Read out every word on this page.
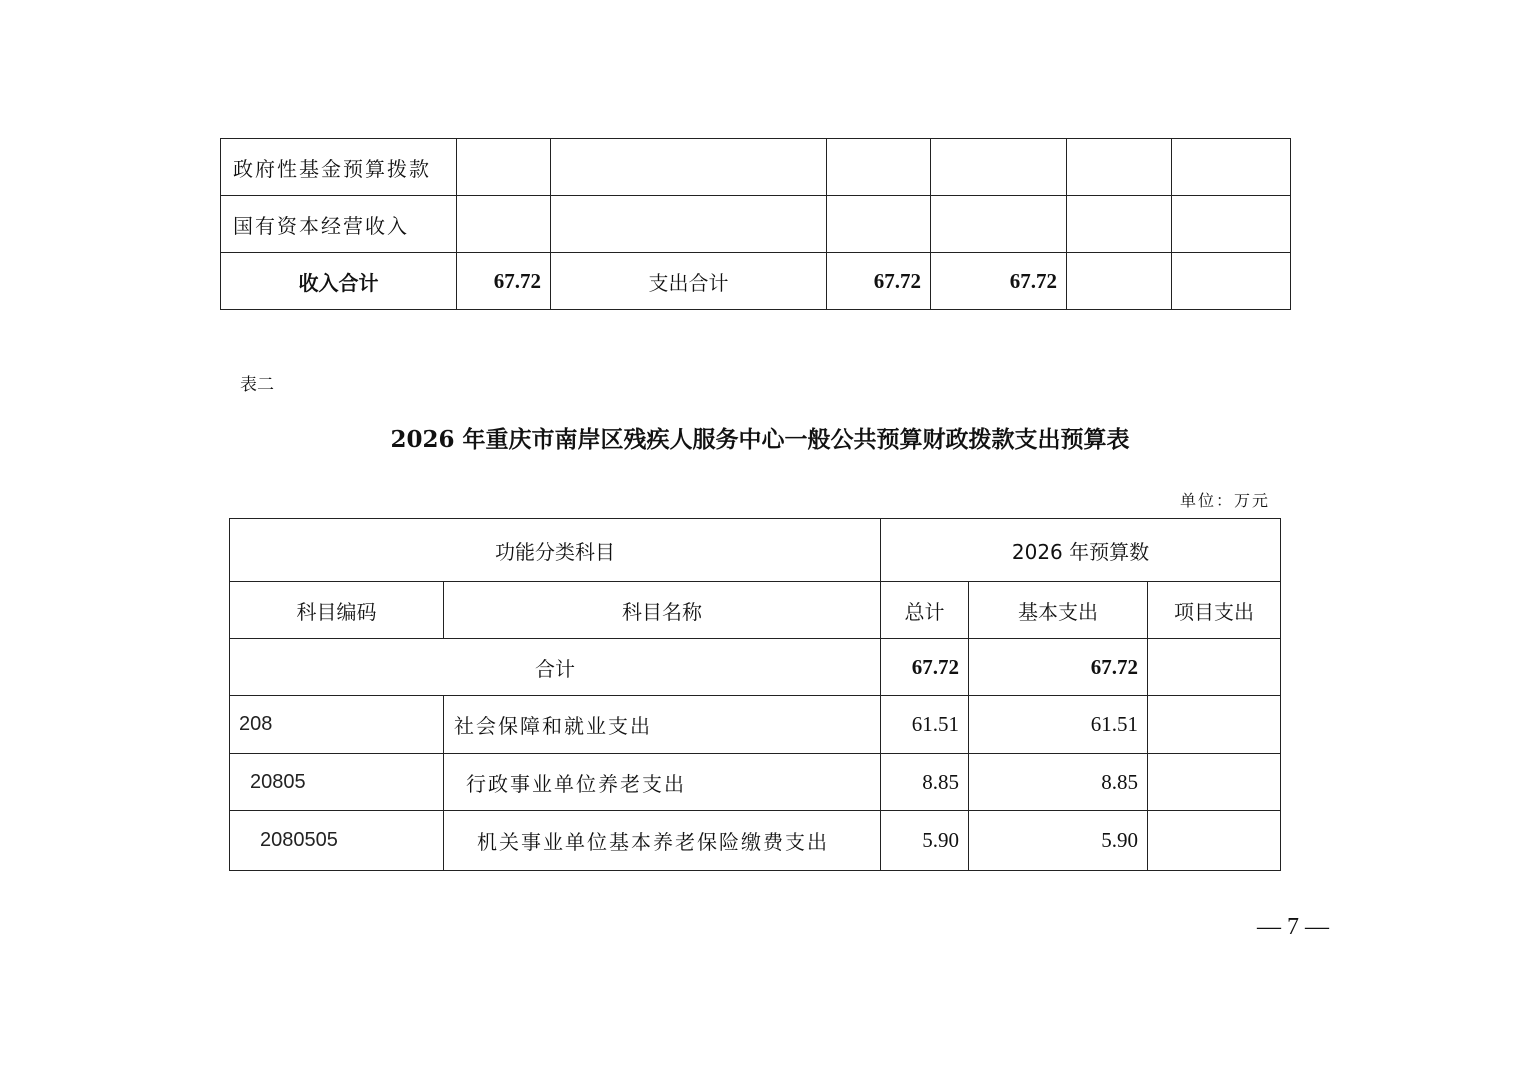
政府性基金预算拨款						
国有资本经营收入						
收入合计	67.72	支出合计	67.72	67.72		
表二
2026 年重庆市南岸区残疾人服务中心一般公共预算财政拨款支出预算表
单位：万元
功能分类科目		2026 年预算数		
科目编码	科目名称	总计	基本支出	项目支出
合计		67.72	67.72	
208	社会保障和就业支出	61.51	61.51	
20805	行政事业单位养老支出	8.85	8.85	
2080505	机关事业单位基本养老保险缴费支出	5.90	5.90	
— 7 —
